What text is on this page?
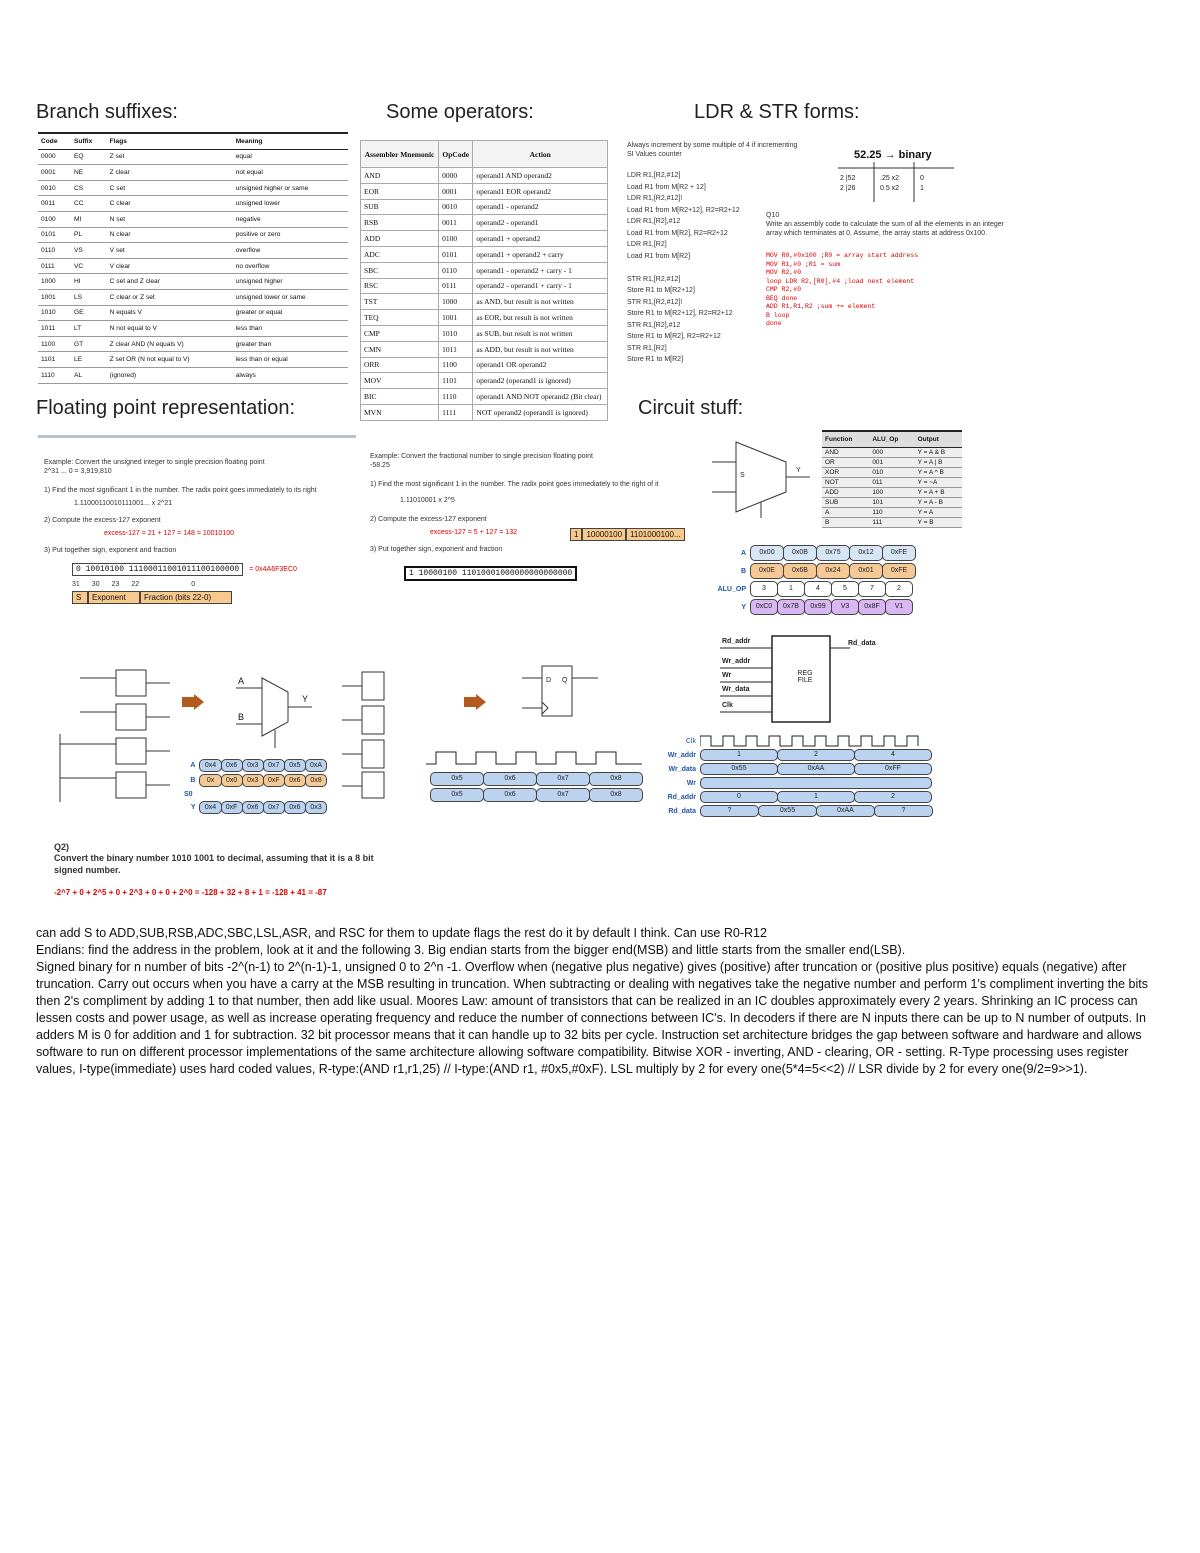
Branch suffixes:	Some operators:	LDR & STR forms:
Floating point representation:	Circuit stuff:
Code	Suffix	Flags	Meaning
0000	EQ	Z set	equal
0001	NE	Z clear	not equal
0010	CS	C set	unsigned higher or same
0011	CC	C clear	unsigned lower
0100	MI	N set	negative
0101	PL	N clear	positive or zero
0110	VS	V set	overflow
0111	VC	V clear	no overflow
1000	HI	C set and Z clear	unsigned higher
1001	LS	C clear or Z set	unsigned lower or same
1010	GE	N equals V	greater or equal
1011	LT	N not equal to V	less than
1100	GT	Z clear AND (N equals V)	greater than
1101	LE	Z set OR (N not equal to V)	less than or equal
1110	AL	(ignored)	always
Assembler Mnemonic	OpCode	Action
AND	0000	operand1 AND operand2
EOR	0001	operand1 EOR operand2
SUB	0010	operand1 - operand2
RSB	0011	operand2 - operand1
ADD	0100	operand1 + operand2
ADC	0101	operand1 + operand2 + carry
SBC	0110	operand1 - operand2 + carry - 1
RSC	0111	operand2 - operand1 + carry - 1
TST	1000	as AND, but result is not written
TEQ	1001	as EOR, but result is not written
CMP	1010	as SUB, but result is not written
CMN	1011	as ADD, but result is not written
ORR	1100	operand1 OR operand2
MOV	1101	operand2 (operand1 is ignored)
BIC	1110	operand1 AND NOT operand2 (Bit clear)
MVN	1111	NOT operand2 (operand1 is ignored)
Always increment by some multiple of 4 if incrementing
SI Values counter
LDR R1,[R2,#12]
Load R1 from M[R2 + 12]
LDR R1,[R2,#12]!
Load R1 from M[R2+12], R2=R2+12
LDR R1,[R2],#12
Load R1 from M[R2], R2=R2+12
LDR R1,[R2]
Load R1 from M[R2]
STR R1,[R2,#12]
Store R1 to M[R2+12]
STR R1,[R2,#12]!
Store R1 to M[R2+12], R2=R2+12
STR R1,[R2],#12
Store R1 to M[R2], R2=R2+12
STR R1,[R2]
Store R1 to M[R2]
52.25 → binary
2 |52
2 |26
.25 x2
0.5 x2
0
1
Q10
Write an assembly code to calculate the sum of all the elements in an integer
array which terminates at 0. Assume, the array starts at address 0x100.
MOV R0,#0x100 ;R0 = array start address
MOV R1,#0 ;R1 = sum
MOV R2,#0
loop LDR R2,[R0],#4 ;load next element
CMP R2,#0
BEQ done
ADD R1,R1,R2 ;sum += element
B loop
done
Example: Convert the unsigned integer to single precision floating point
2^31 ... 0 = 3,919,810
1) Find the most significant 1 in the number. The radix point goes immediately to its right
1.11000110010111001... x 2^21
2) Compute the excess-127 exponent
excess-127 = 21 + 127 = 148 = 10010100
3) Put together sign, exponent and fraction
0 10010100 11100011001011100100000	= 0x4A6F3EC0
31 30 23 22	0
S	Exponent	Fraction (bits 22-0)
Example: Convert the fractional number to single precision floating point
-58.25
1) Find the most significant 1 in the number. The radix point goes immediately to the right of it
1.11010001 x 2^5
2) Compute the excess-127 exponent
excess-127 = 5 + 127 = 132
3) Put together sign, exponent and fraction
1 10000100 11010001000000000000000
1	10000100	1101000100...
S
Y
Function	ALU_Op	Output
AND	000	Y = A & B
OR	001	Y = A | B
XOR	010	Y = A ^ B
NOT	011	Y = ~A
ADD	100	Y = A + B
SUB	101	Y = A - B
A	110	Y = A
B	111	Y = B
A	0x00	0x0B	0x75	0x12	0xFE
B	0x0E	0x6B	0x24	0x01	0xFE
ALU_OP	3	1	4	5	7	2
Y	0xC0	0x7B	0x99	V3	0x8F	V1
Rd_addr
Wr_addr
Wr
Wr_data
Clk
REG FILE
Rd_data
Clk
Wr_addr	1	2	4
Wr_data	0x55	0xAA	0xFF
Wr
Rd_addr	0	1	2
Rd_data	?	0x55	0xAA	?
A
B
Y
A	0x4	0x6	0x3	0x7	0x5	0xA
B	0x	0x0	0x3	0xF	0x6	0x8
S0
Y	0x4	0xF	0x6	0x7	0x6	0x3
D Q
0x5	0x6	0x7	0x8
0x5	0x6	0x7	0x8
Q2)
Convert the binary number 1010 1001 to decimal, assuming that it is a 8 bit signed number.
-2^7 + 0 + 2^5 + 0 + 2^3 + 0 + 0 + 2^0 = -128 + 32 + 8 + 1 = -128 + 41 = -87
can add S to ADD,SUB,RSB,ADC,SBC,LSL,ASR, and RSC for them to update flags the rest do it by default I think. Can use R0-R12
Endians: find the address in the problem, look at it and the following 3. Big endian starts from the bigger end(MSB) and little starts from the smaller end(LSB).
Signed binary for n number of bits -2^(n-1) to 2^(n-1)-1, unsigned 0 to 2^n -1. Overflow when (negative plus negative) gives (positive) after truncation or (positive plus positive) equals (negative) after truncation. Carry out occurs when you have a carry at the MSB resulting in truncation. When subtracting or dealing with negatives take the negative number and perform 1's compliment inverting the bits then 2's compliment by adding 1 to that number, then add like usual. Moores Law: amount of transistors that can be realized in an IC doubles approximately every 2 years. Shrinking an IC process can lessen costs and power usage, as well as increase operating frequency and reduce the number of connections between IC's. In decoders if there are N inputs there can be up to N number of outputs. In adders M is 0 for addition and 1 for subtraction. 32 bit processor means that it can handle up to 32 bits per cycle. Instruction set architecture bridges the gap between software and hardware and allows software to run on different processor implementations of the same architecture allowing software compatibility. Bitwise XOR - inverting, AND - clearing, OR - setting. R-Type processing uses register values, I-type(immediate) uses hard coded values, R-type:(AND r1,r1,25) // I-type:(AND r1, #0x5,#0xF). LSL multiply by 2 for every one(5*4=5<<2) // LSR divide by 2 for every one(9/2=9>>1).
